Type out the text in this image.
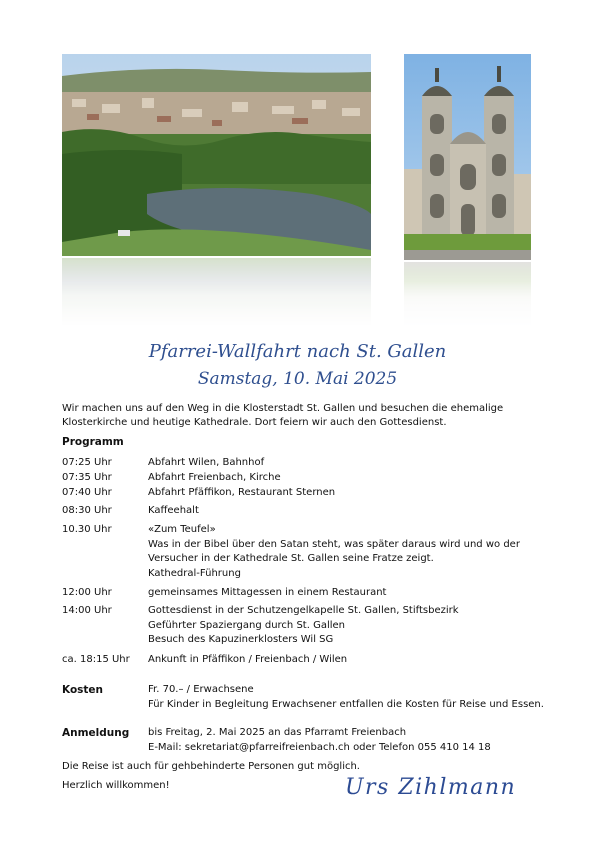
Pfarrei-Wallfahrt nach St. Gallen
Samstag, 10. Mai 2025
Wir machen uns auf den Weg in die Klosterstadt St. Gallen und besuchen die ehemalige
Klosterkirche und heutige Kathedrale. Dort feiern wir auch den Gottesdienst.
Programm
07:25 Uhr	Abfahrt Wilen, Bahnhof
07:35 Uhr	Abfahrt Freienbach, Kirche
07:40 Uhr	Abfahrt Pfäffikon, Restaurant Sternen
08:30 Uhr	Kaffeehalt
10.30 Uhr	«Zum Teufel»
Was in der Bibel über den Satan steht, was später daraus wird und wo der
Versucher in der Kathedrale St. Gallen seine Fratze zeigt.
Kathedral-Führung
12:00 Uhr	gemeinsames Mittagessen in einem Restaurant
14:00 Uhr	Gottesdienst in der Schutzengelkapelle St. Gallen, Stiftsbezirk
Geführter Spaziergang durch St. Gallen
Besuch des Kapuzinerklosters Wil SG
ca. 18:15 Uhr	Ankunft in Pfäffikon / Freienbach / Wilen
Kosten	Fr. 70.– / Erwachsene
Für Kinder in Begleitung Erwachsener entfallen die Kosten für Reise und Essen.
Anmeldung	bis Freitag, 2. Mai 2025 an das Pfarramt Freienbach
E-Mail: sekretariat@pfarreifreienbach.ch oder Telefon 055 410 14 18
Die Reise ist auch für gehbehinderte Personen gut möglich.
Herzlich willkommen!	Urs Zihlmann
